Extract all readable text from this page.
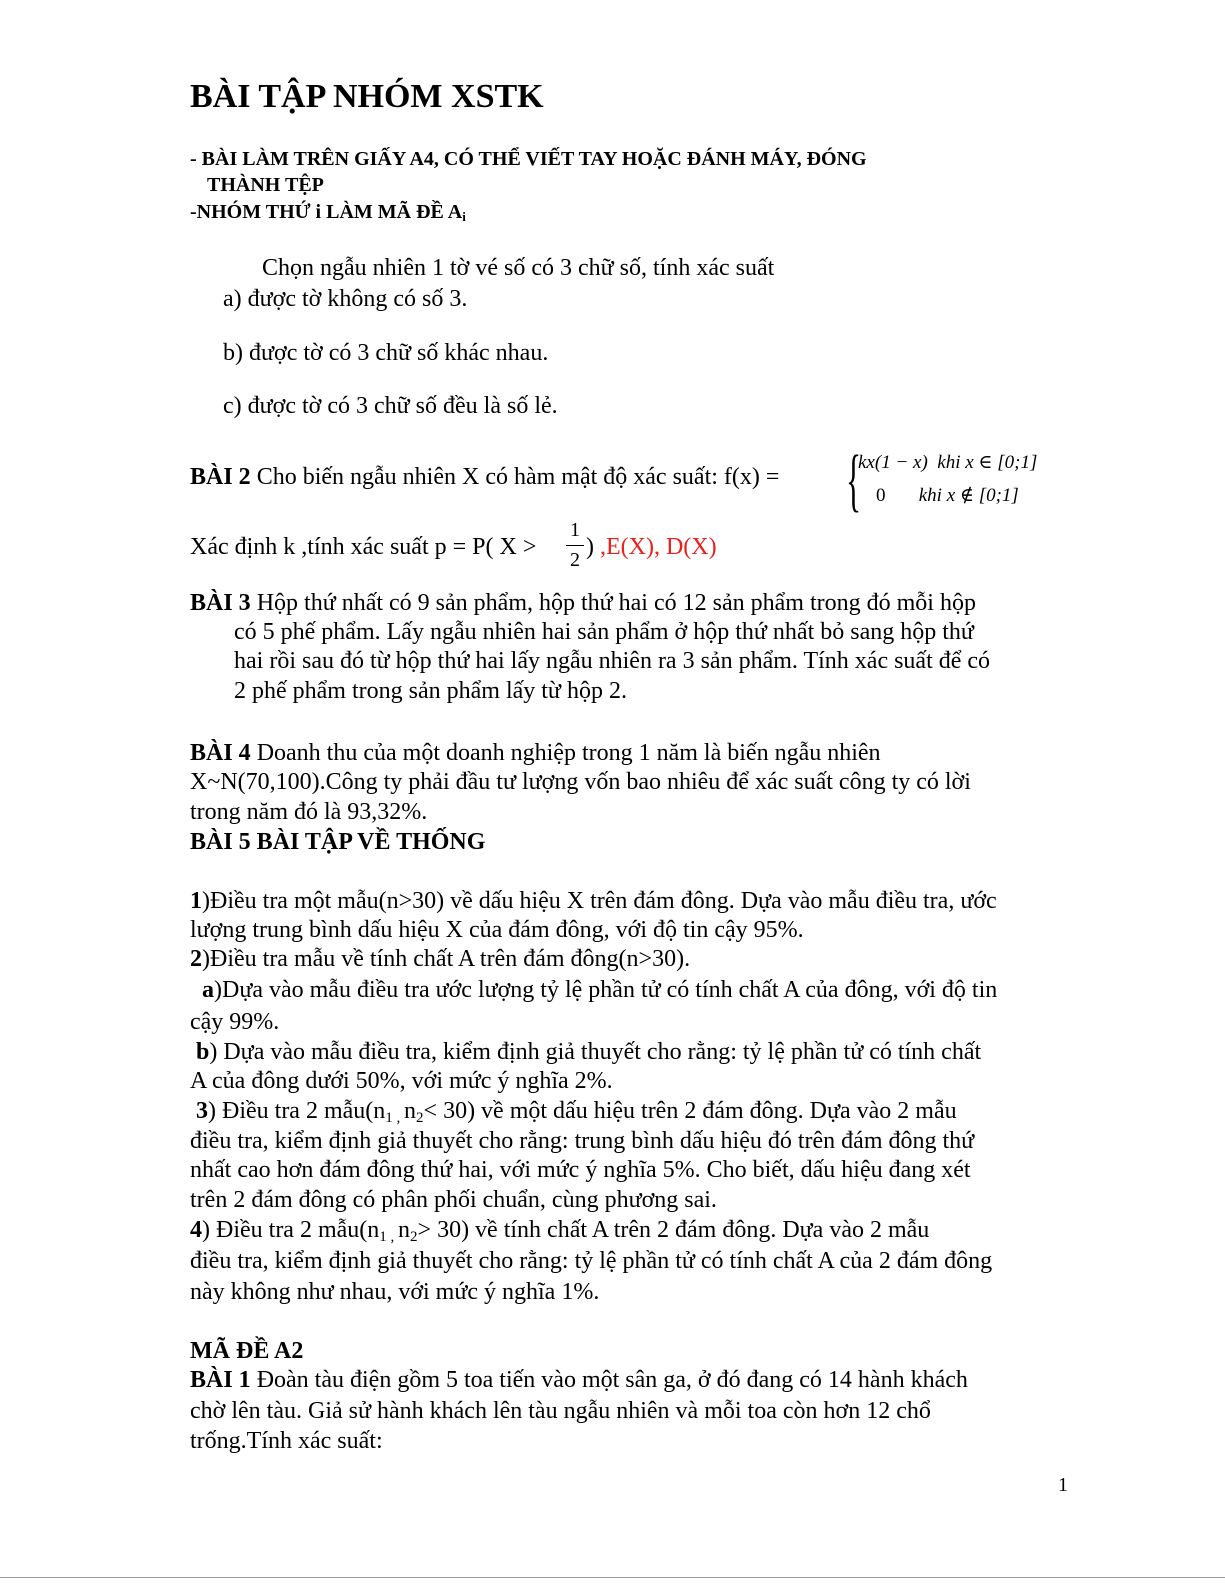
BÀI TẬP NHÓM XSTK
- BÀI LÀM TRÊN GIẤY A4, CÓ THỂ VIẾT TAY HOẶC ĐÁNH MÁY, ĐÓNG
THÀNH TỆP
-NHÓM THỨ i LÀM MÃ ĐỀ $A_i$
Chọn ngẫu nhiên 1 tờ vé số có 3 chữ số, tính xác suất
a) được tờ không có số 3.
b) được tờ có 3 chữ số khác nhau.
c) được tờ có 3 chữ số đều là số lẻ.
BÀI 2 Cho biến ngẫu nhiên X có hàm mật độ xác suất: f(x) = {
kx(1 − x) khi x ∈ [0;1]
0 khi x ∉ [0;1]
Xác định k ,tính xác suất p = P( X >
1
2 ) ,E(X), D(X)
BÀI 3 Hộp thứ nhất có 9 sản phẩm, hộp thứ hai có 12 sản phẩm trong đó mỗi hộp
có 5 phế phẩm. Lấy ngẫu nhiên hai sản phẩm ở hộp thứ nhất bỏ sang hộp thứ
hai rồi sau đó từ hộp thứ hai lấy ngẫu nhiên ra 3 sản phẩm. Tính xác suất để có
2 phế phẩm trong sản phẩm lấy từ hộp 2.
BÀI 4 Doanh thu của một doanh nghiệp trong 1 năm là biến ngẫu nhiên
X~N(70,100).Công ty phải đầu tư lượng vốn bao nhiêu để xác suất công ty có lời
trong năm đó là 93,32%.
BÀI 5 BÀI TẬP VỀ THỐNG
1)Điều tra một mẫu(n>30) về dấu hiệu X trên đám đông. Dựa vào mẫu điều tra, ước
lượng trung bình dấu hiệu X của đám đông, với độ tin cậy 95%.
2)Điều tra mẫu về tính chất A trên đám đông(n>30).
a)Dựa vào mẫu điều tra ước lượng tỷ lệ phần tử có tính chất A của đông, với độ tin
cậy 99%.
b) Dựa vào mẫu điều tra, kiểm định giả thuyết cho rằng: tỷ lệ phần tử có tính chất
A của đông dưới 50%, với mức ý nghĩa 2%.
3) Điều tra 2 $mẫu(n_{1 ,}$ $n_2< 30$) về một dấu hiệu trên 2 đám đông. Dựa vào 2 mẫu
điều tra, kiểm định giả thuyết cho rằng: trung bình dấu hiệu đó trên đám đông thứ
nhất cao hơn đám đông thứ hai, với mức ý nghĩa 5%. Cho biết, dấu hiệu đang xét
trên 2 đám đông có phân phối chuẩn, cùng phương sai.
4) Điều tra 2 $mẫu(n_{1 ,}$ $n_2> 30$) về tính chất A trên 2 đám đông. Dựa vào 2 mẫu
điều tra, kiểm định giả thuyết cho rằng: tỷ lệ phần tử có tính chất A của 2 đám đông
này không như nhau, với mức ý nghĩa 1%.
MÃ ĐỀ A2
BÀI 1 Đoàn tàu điện gồm 5 toa tiến vào một sân ga, ở đó đang có 14 hành khách
chờ lên tàu. Giả sử hành khách lên tàu ngẫu nhiên và mỗi toa còn hơn 12 chổ
trống.Tính xác suất:
1
